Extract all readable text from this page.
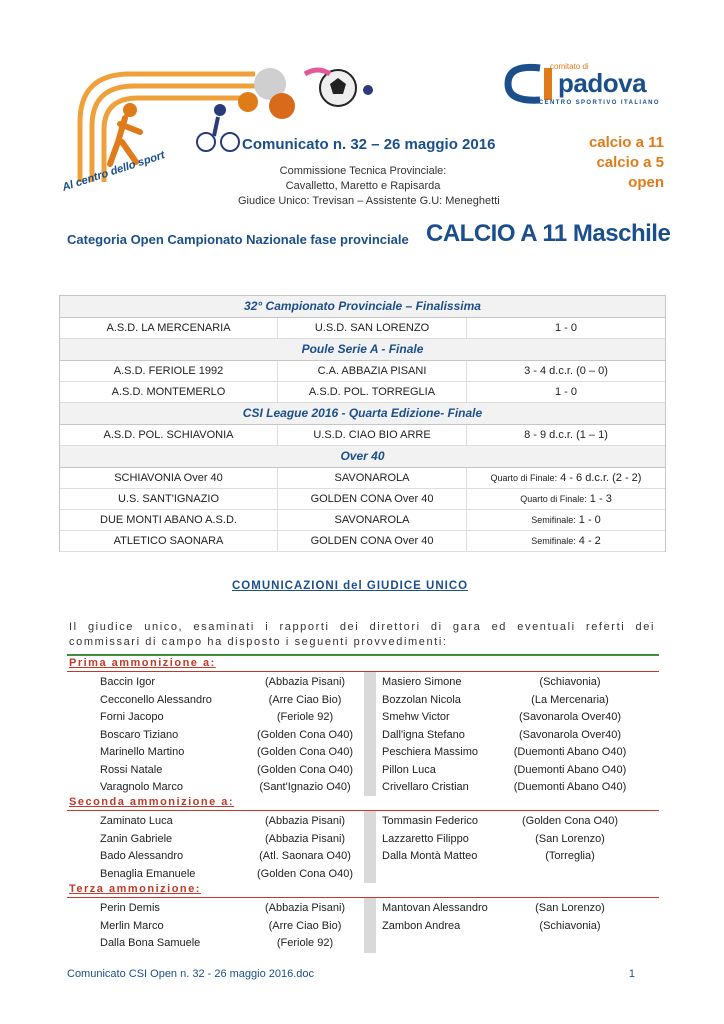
Al centro dello sport
comitato di
padova
CENTRO SPORTIVO ITALIANO
Comunicato n. 32 – 26 maggio 2016
Commissione Tecnica Provinciale:
Cavalletto, Maretto e Rapisarda
Giudice Unico: Trevisan – Assistente G.U: Meneghetti
calcio a 11
calcio a 5
open
Categoria Open Campionato Nazionale fase provinciale CALCIO A 11 Maschile
32° Campionato Provinciale – Finalissima
A.S.D. LA MERCENARIA	U.S.D. SAN LORENZO	1 - 0
Poule Serie A - Finale
A.S.D. FERIOLE 1992	C.A. ABBAZIA PISANI	3 - 4 d.c.r. (0 – 0)
A.S.D. MONTEMERLO	A.S.D. POL. TORREGLIA	1 - 0
CSI League 2016 - Quarta Edizione- Finale
A.S.D. POL. SCHIAVONIA	U.S.D. CIAO BIO ARRE	8 - 9 d.c.r. (1 – 1)
Over 40
SCHIAVONIA Over 40	SAVONAROLA	Quarto di Finale: 4 - 6 d.c.r. (2 - 2)
U.S. SANT'IGNAZIO	GOLDEN CONA Over 40	Quarto di Finale: 1 - 3
DUE MONTI ABANO A.S.D.	SAVONAROLA	Semifinale: 1 - 0
ATLETICO SAONARA	GOLDEN CONA Over 40	Semifinale: 4 - 2
COMUNICAZIONI del GIUDICE UNICO
Il giudice unico, esaminati i rapporti dei direttori di gara ed eventuali referti dei commissari di campo ha disposto i seguenti provvedimenti:
Prima ammonizione a:
Baccin Igor	(Abbazia Pisani)	Masiero Simone	(Schiavonia)
Cecconello Alessandro	(Arre Ciao Bio)	Bozzolan Nicola	(La Mercenaria)
Forni Jacopo	(Feriole 92)	Smehw Victor	(Savonarola Over40)
Boscaro Tiziano	(Golden Cona O40)	Dall'igna Stefano	(Savonarola Over40)
Marinello Martino	(Golden Cona O40)	Peschiera Massimo	(Duemonti Abano O40)
Rossi Natale	(Golden Cona O40)	Pillon Luca	(Duemonti Abano O40)
Varagnolo Marco	(Sant'Ignazio O40)	Crivellaro Cristian	(Duemonti Abano O40)
Seconda ammonizione a:
Zaminato Luca	(Abbazia Pisani)	Tommasin Federico	(Golden Cona O40)
Zanin Gabriele	(Abbazia Pisani)	Lazzaretto Filippo	(San Lorenzo)
Bado Alessandro	(Atl. Saonara O40)	Dalla Montà Matteo	(Torreglia)
Benaglia Emanuele	(Golden Cona O40)
Terza ammonizione:
Perin Demis	(Abbazia Pisani)	Mantovan Alessandro	(San Lorenzo)
Merlin Marco	(Arre Ciao Bio)	Zambon Andrea	(Schiavonia)
Dalla Bona Samuele	(Feriole 92)
Comunicato CSI Open n. 32 - 26 maggio 2016.doc	1
